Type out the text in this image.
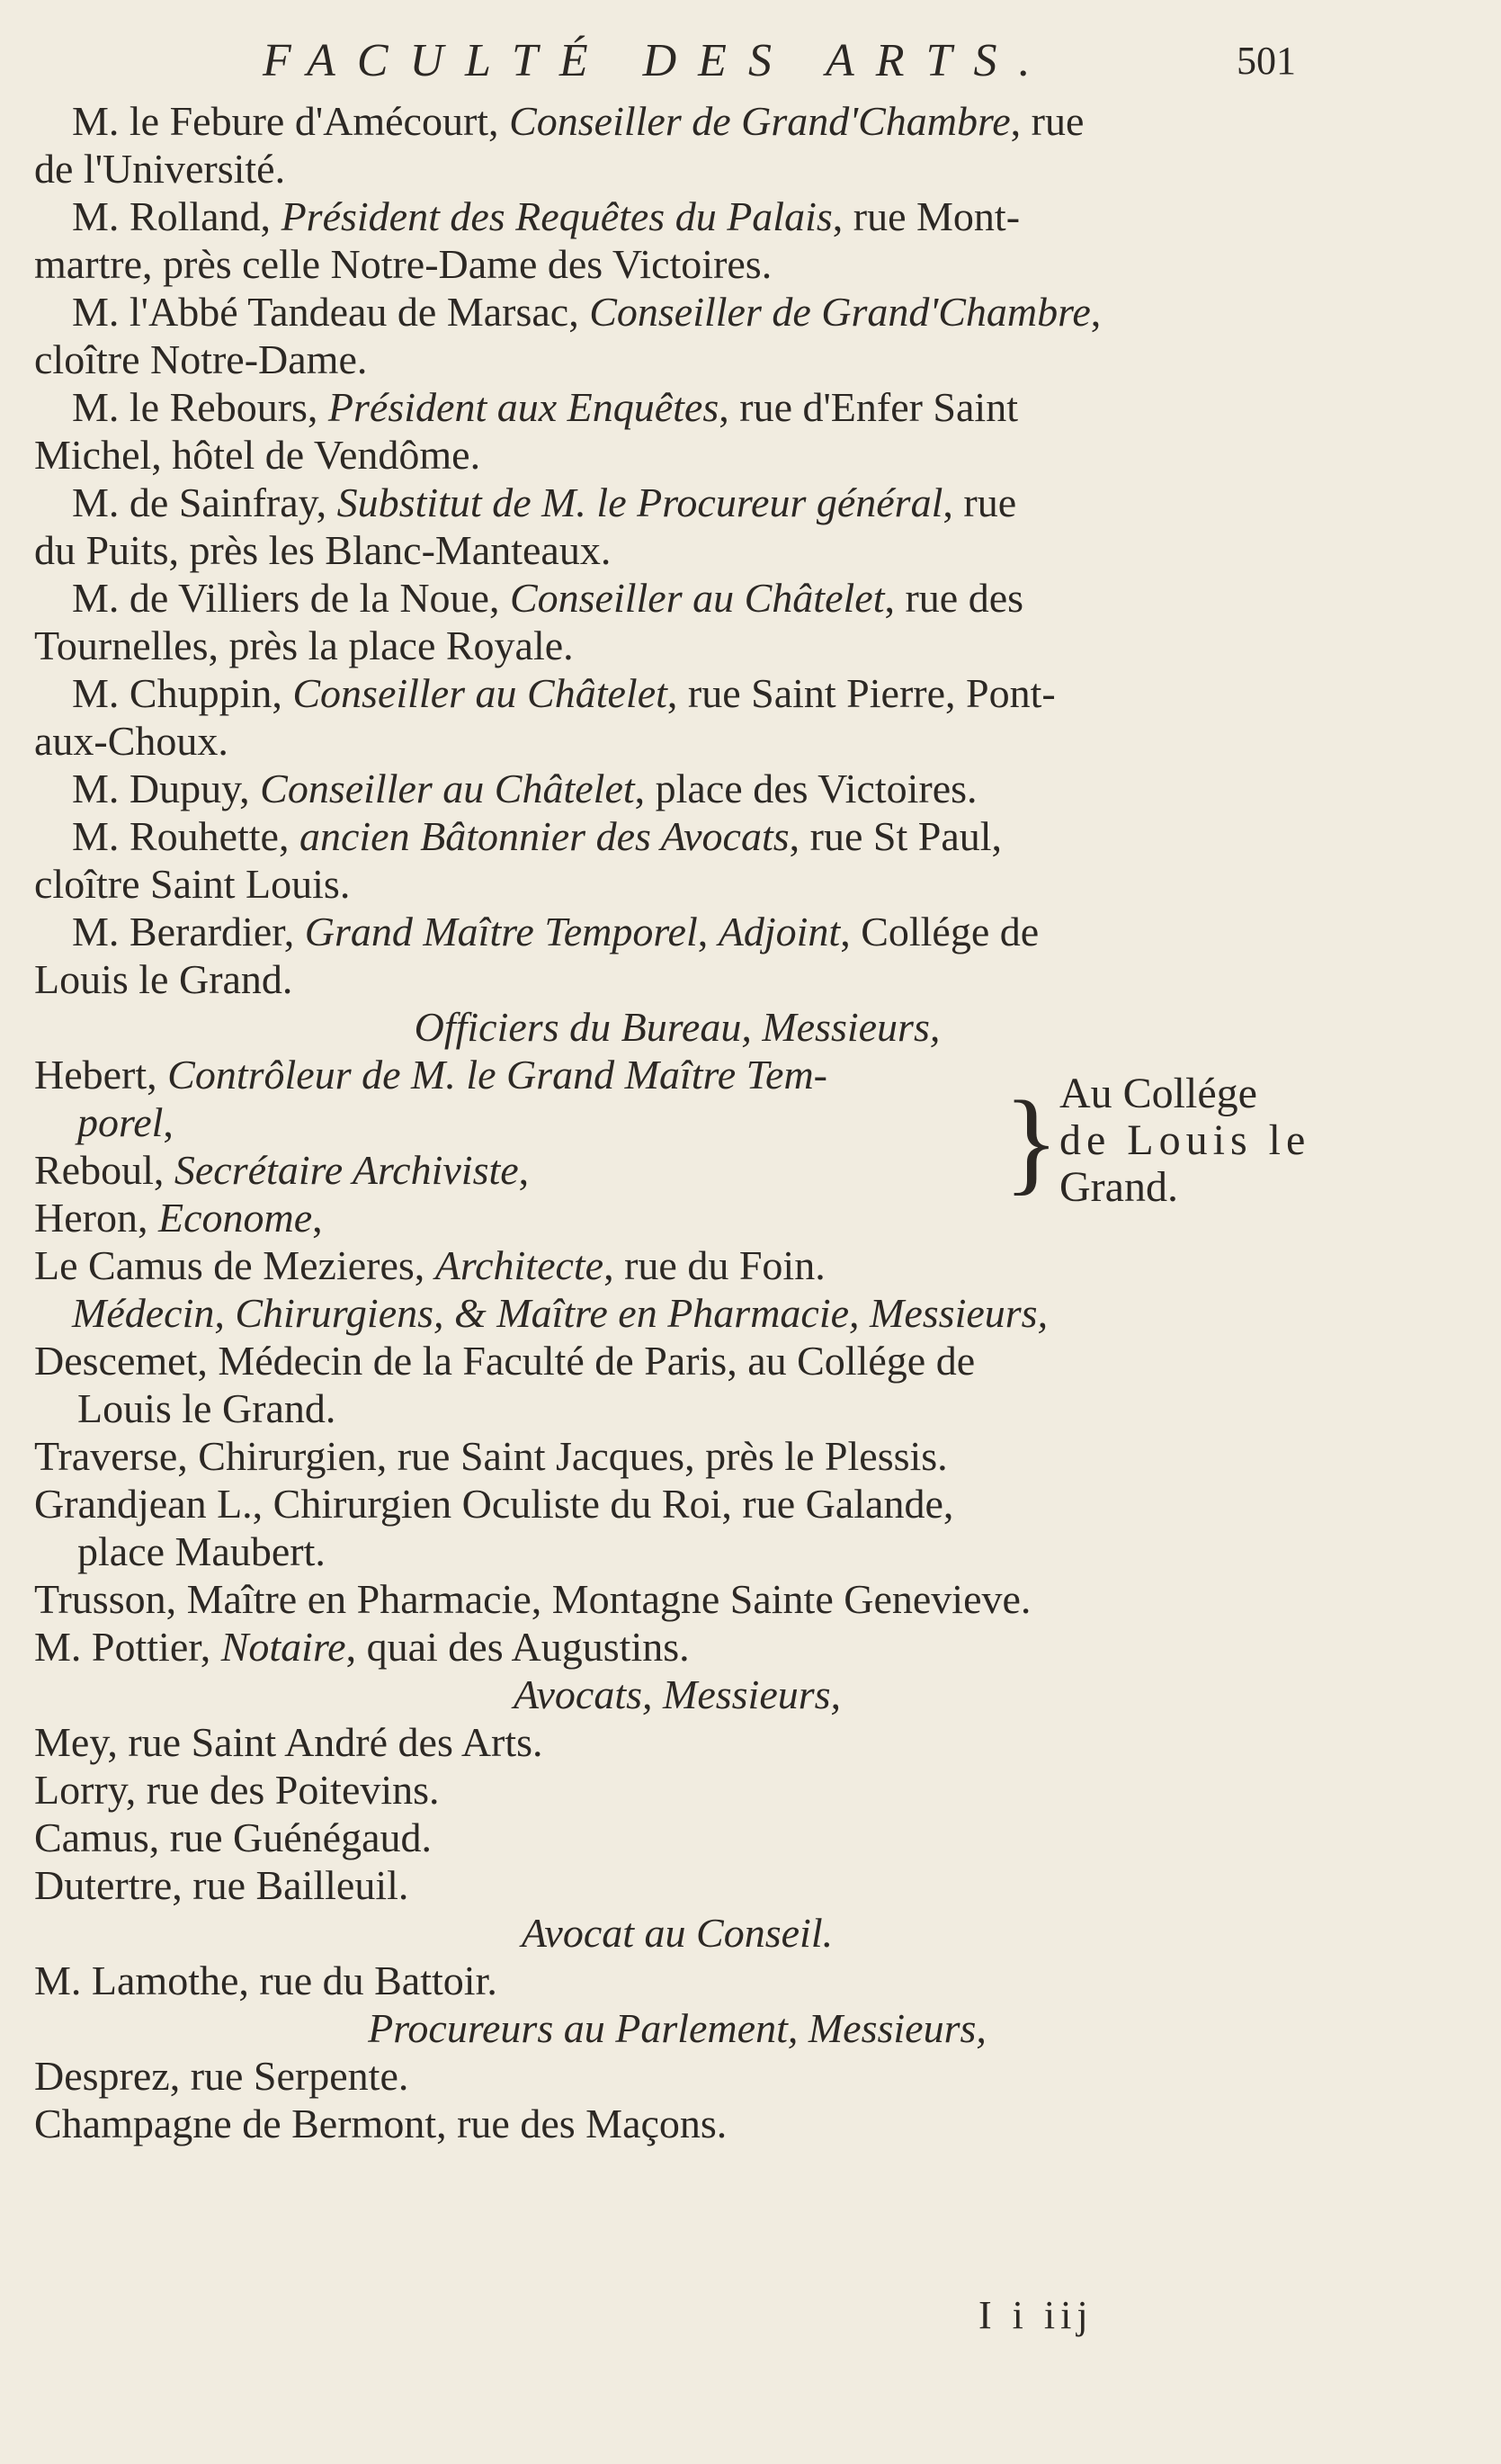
FACULTÉ DES ARTS.	501
M. le Febure d'Amécourt, Conseiller de Grand'Chambre, rue
de l'Université.
M. Rolland, Président des Requêtes du Palais, rue Mont-
martre, près celle Notre-Dame des Victoires.
M. l'Abbé Tandeau de Marsac, Conseiller de Grand'Chambre,
cloître Notre-Dame.
M. le Rebours, Président aux Enquêtes, rue d'Enfer Saint
Michel, hôtel de Vendôme.
M. de Sainfray, Substitut de M. le Procureur général, rue
du Puits, près les Blanc-Manteaux.
M. de Villiers de la Noue, Conseiller au Châtelet, rue des
Tournelles, près la place Royale.
M. Chuppin, Conseiller au Châtelet, rue Saint Pierre, Pont-
aux-Choux.
M. Dupuy, Conseiller au Châtelet, place des Victoires.
M. Rouhette, ancien Bâtonnier des Avocats, rue St Paul,
cloître Saint Louis.
M. Berardier, Grand Maître Temporel, Adjoint, Collége de
Louis le Grand.
Officiers du Bureau, Messieurs,
Hebert, Contrôleur de M. le Grand Maître Tem-
porel,
Reboul, Secrétaire Archiviste,
Heron, Econome,
} Au Collége
de Louis le
Grand.
Le Camus de Mezieres, Architecte, rue du Foin.
Médecin, Chirurgiens, & Maître en Pharmacie, Messieurs,
Descemet, Médecin de la Faculté de Paris, au Collége de
Louis le Grand.
Traverse, Chirurgien, rue Saint Jacques, près le Plessis.
Grandjean L., Chirurgien Oculiste du Roi, rue Galande,
place Maubert.
Trusson, Maître en Pharmacie, Montagne Sainte Genevieve.
M. Pottier, Notaire, quai des Augustins.
Avocats, Messieurs,
Mey, rue Saint André des Arts.
Lorry, rue des Poitevins.
Camus, rue Guénégaud.
Dutertre, rue Bailleuil.
Avocat au Conseil.
M. Lamothe, rue du Battoir.
Procureurs au Parlement, Messieurs,
Desprez, rue Serpente.
Champagne de Bermont, rue des Maçons.
I i iij
